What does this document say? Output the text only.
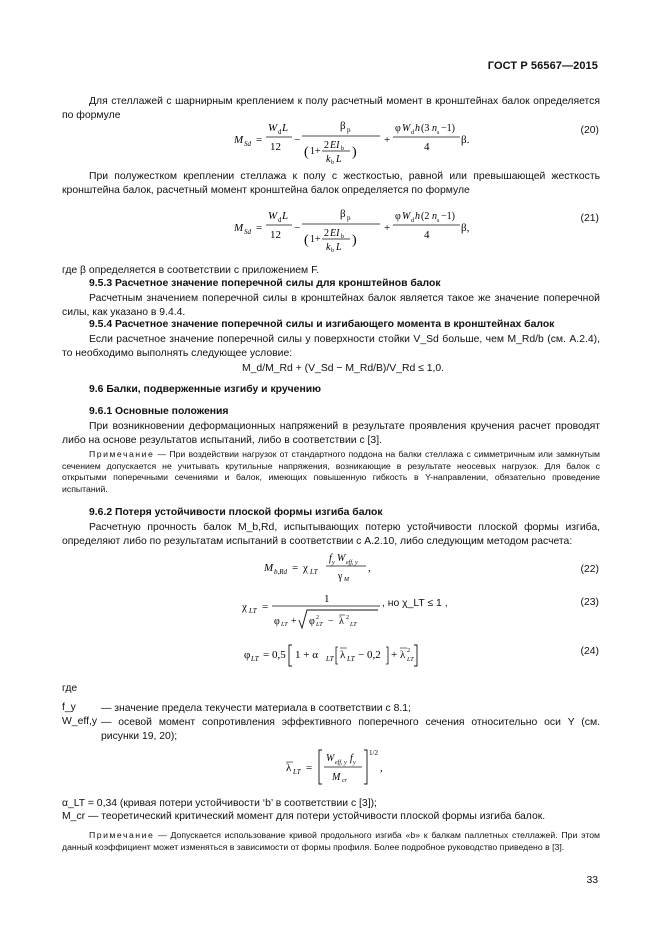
ГОСТ Р 56567—2015
Для стеллажей с шарнирным креплением к полу расчетный момент в кронштейнах балок определяется по формуле
M Sd =
W d L
12
−
β p
( 1+
2 EI b
k b L )
+
φ W d h (3 n s −1)
4
β.
(20)
При полужестком креплении стеллажа к полу с жесткостью, равной или превышающей жесткость кронштейна балок, расчетный момент кронштейна балок определяется по формуле
M Sd =
W d L
12
−
β p
( 1+
2 EI b
k b L )
+
φ W d h (2 n s −1)
4
β,
(21)
где β определяется в соответствии с приложением F.
9.5.3 Расчетное значение поперечной силы для кронштейнов балок
Расчетным значением поперечной силы в кронштейнах балок является такое же значение поперечной силы, как указано в 9.4.4.
9.5.4 Расчетное значение поперечной силы и изгибающего момента в кронштейнах балок
Если расчетное значение поперечной силы у поверхности стойки V_Sd больше, чем M_Rd/b (см. А.2.4), то необходимо выполнять следующее условие:
M_d/M_Rd + (V_Sd − M_Rd/B)/V_Rd ≤ 1,0.
9.6 Балки, подверженные изгибу и кручению
9.6.1 Основные положения
При возникновении деформационных напряжений в результате проявления кручения расчет проводят либо на основе результатов испытаний, либо в соответствии с [3].
Примечание — При воздействии нагрузок от стандартного поддона на балки стеллажа с симметричным или замкнутым сечением допускается не учитывать крутильные напряжения, возникающие в результате неосевых нагрузок. Для балок с открытыми поперечными сечениями и балок, имеющих повышенную гибкость в Y-направлении, обязательно проведение испытаний.
9.6.2 Потеря устойчивости плоской формы изгиба балок
Расчетную прочность балок M_b,Rd, испытывающих потерю устойчивости плоской формы изгиба, определяют либо по результатам испытаний в соответствии с А.2.10, либо следующим методом расчета:
M b,Rd = χ LT
f y W eff, y
γ M
,	(22)
χ LT =
1
φ LT + φ 2
LT − λ 2
LT
, но χ_LT ≤ 1 ,	(23)
φ LT = 0,5 1 + α LT λ LT − 0,2 + λ 2
LT
(24)
где
f_y — значение предела текучести материала в соответствии с 8.1;
W_eff,y — осевой момент сопротивления эффективного поперечного сечения относительно оси Y (см. рисунки 19, 20);
λ LT =
W eff, y f y
M cr
1/2
,
α_LT = 0,34 (кривая потери устойчивости ‘b’ в соответствии с [3]);
M_cr — теоретический критический момент для потери устойчивости плоской формы изгиба балок.
Примечание — Допускается использование кривой продольного изгиба «b» к балкам паллетных стеллажей. При этом данный коэффициент может изменяться в зависимости от формы профиля. Более подробное руководство приведено в [3].
33
